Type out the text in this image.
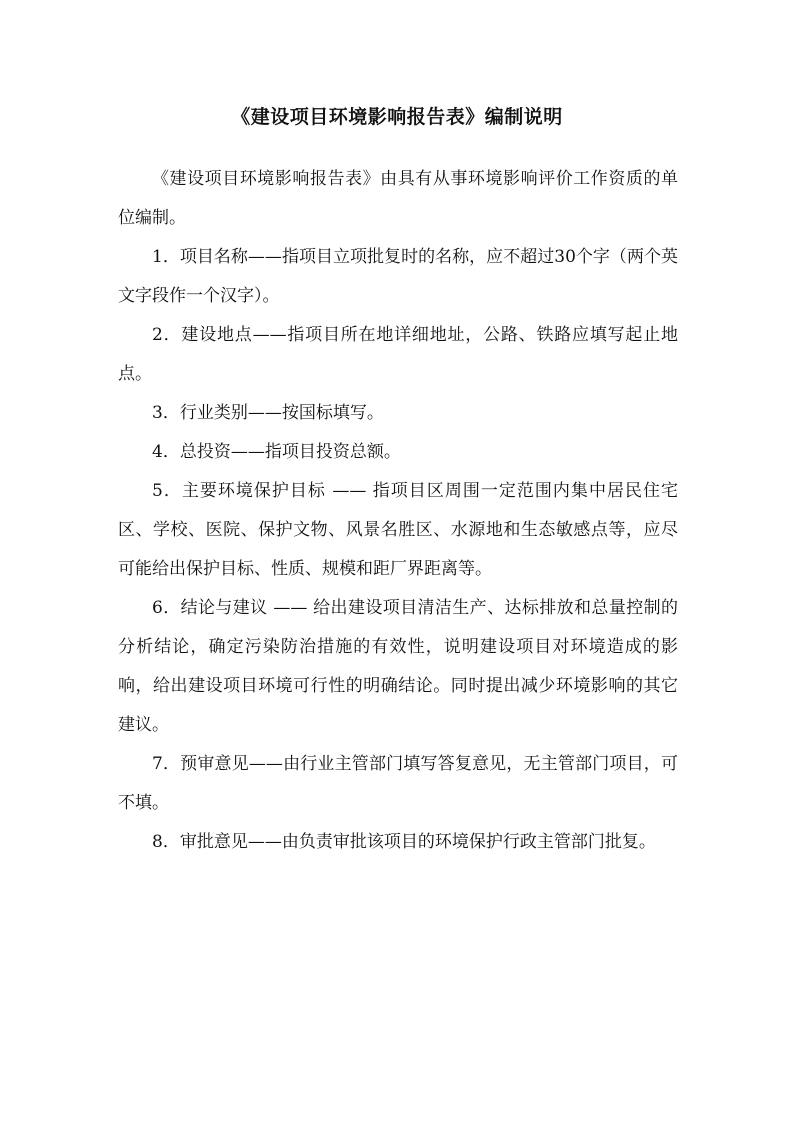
《建设项目环境影响报告表》编制说明

《建设项目环境影响报告表》由具有从事环境影响评价工作资质的单位编制。

1．项目名称——指项目立项批复时的名称，应不超过30个字（两个英文字段作一个汉字）。

2．建设地点——指项目所在地详细地址，公路、铁路应填写起止地点。

3．行业类别——按国标填写。

4．总投资——指项目投资总额。

5．主要环境保护目标 —— 指项目区周围一定范围内集中居民住宅区、学校、医院、保护文物、风景名胜区、水源地和生态敏感点等，应尽可能给出保护目标、性质、规模和距厂界距离等。

6．结论与建议 —— 给出建设项目清洁生产、达标排放和总量控制的分析结论，确定污染防治措施的有效性，说明建设项目对环境造成的影响，给出建设项目环境可行性的明确结论。同时提出减少环境影响的其它建议。

7．预审意见——由行业主管部门填写答复意见，无主管部门项目，可不填。

8．审批意见——由负责审批该项目的环境保护行政主管部门批复。
